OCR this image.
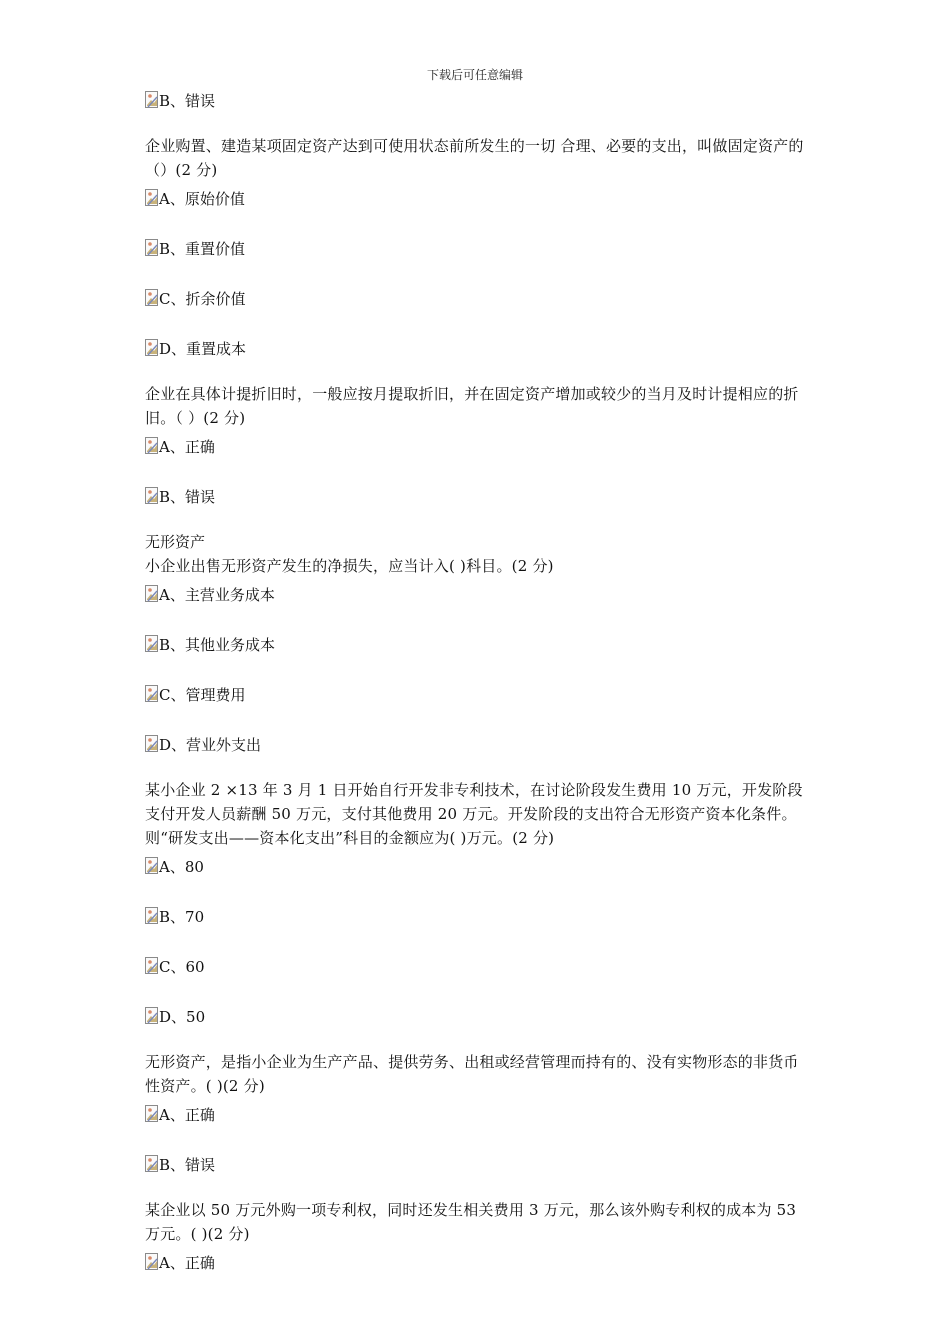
下载后可任意编辑
B、错误
企业购置、建造某项固定资产达到可使用状态前所发生的一切 合理、必要的支出，叫做固定资产的（）(2 分)
A、原始价值
B、重置价值
C、折余价值
D、重置成本
企业在具体计提折旧时，一般应按月提取折旧，并在固定资产增加或较少的当月及时计提相应的折旧。（ ）(2 分)
A、正确
B、错误
无形资产
小企业出售无形资产发生的净损失，应当计入( )科目。(2 分)
A、主营业务成本
B、其他业务成本
C、管理费用
D、营业外支出
某小企业 2 ×13 年 3 月 1 日开始自行开发非专利技术，在讨论阶段发生费用 10 万元，开发阶段支付开发人员薪酬 50 万元，支付其他费用 20 万元。开发阶段的支出符合无形资产资本化条件。则“研发支出——资本化支出”科目的金额应为( )万元。(2 分)
A、80
B、70
C、60
D、50
无形资产，是指小企业为生产产品、提供劳务、出租或经营管理而持有的、没有实物形态的非货币性资产。( )(2 分)
A、正确
B、错误
某企业以 50 万元外购一项专利权，同时还发生相关费用 3 万元，那么该外购专利权的成本为 53 万元。( )(2 分)
A、正确
